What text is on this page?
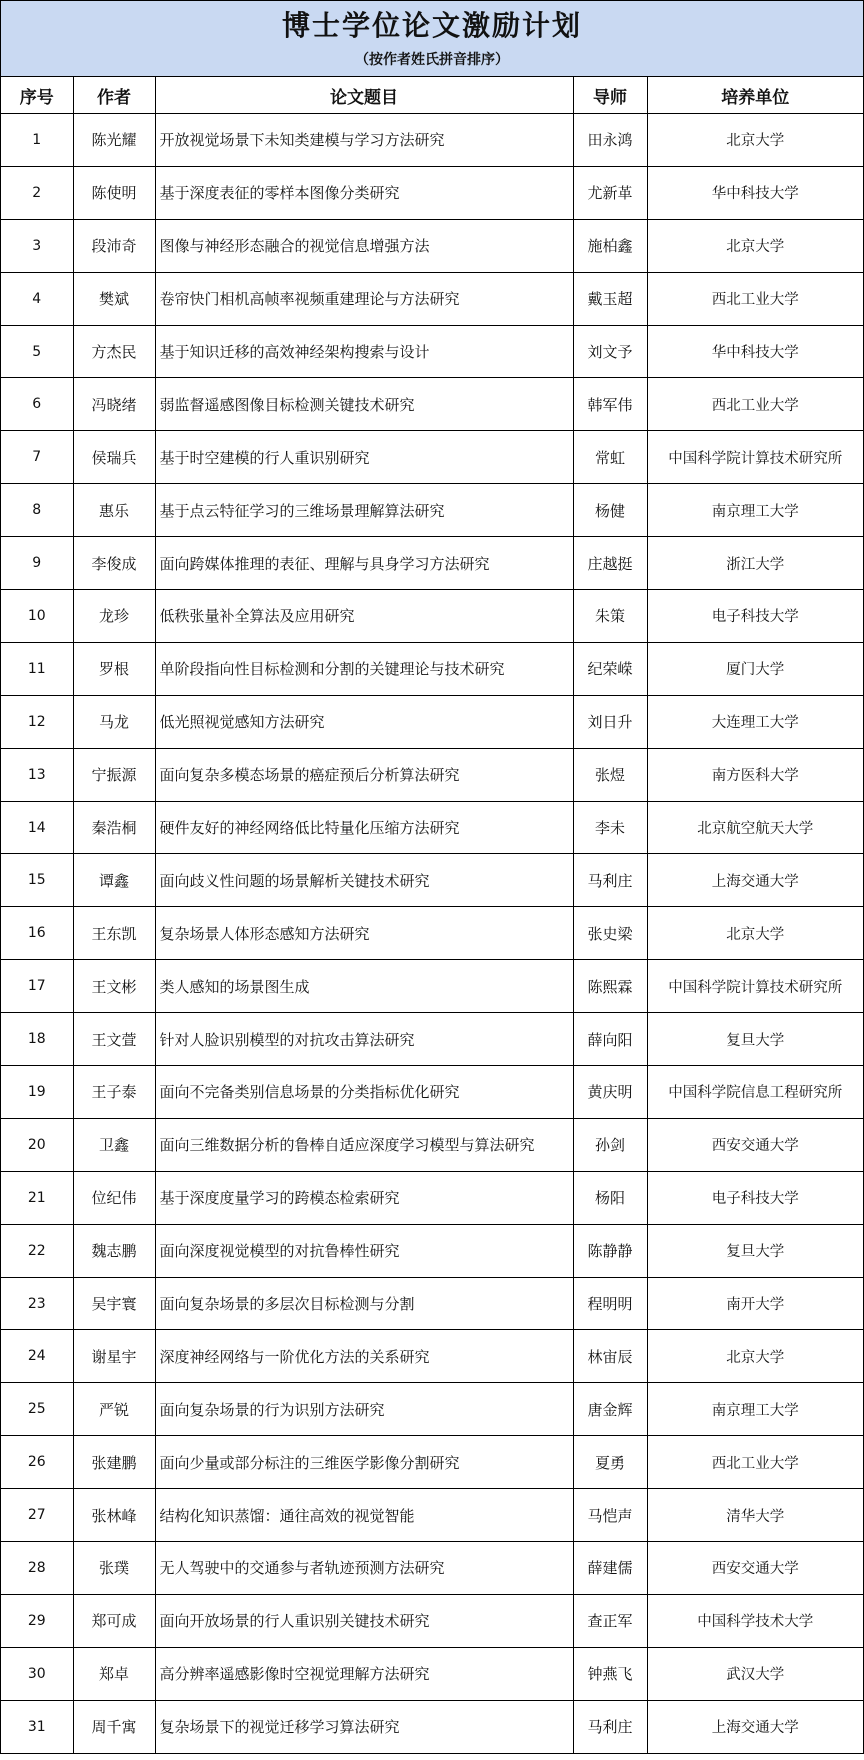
博士学位论文激励计划
（按作者姓氏拼音排序）
序号	作者	论文题目	导师	培养单位
1	陈光耀	开放视觉场景下未知类建模与学习方法研究	田永鸿	北京大学
2	陈使明	基于深度表征的零样本图像分类研究	尤新革	华中科技大学
3	段沛奇	图像与神经形态融合的视觉信息增强方法	施柏鑫	北京大学
4	樊斌	卷帘快门相机高帧率视频重建理论与方法研究	戴玉超	西北工业大学
5	方杰民	基于知识迁移的高效神经架构搜索与设计	刘文予	华中科技大学
6	冯晓绪	弱监督遥感图像目标检测关键技术研究	韩军伟	西北工业大学
7	侯瑞兵	基于时空建模的行人重识别研究	常虹	中国科学院计算技术研究所
8	惠乐	基于点云特征学习的三维场景理解算法研究	杨健	南京理工大学
9	李俊成	面向跨媒体推理的表征、理解与具身学习方法研究	庄越挺	浙江大学
10	龙珍	低秩张量补全算法及应用研究	朱策	电子科技大学
11	罗根	单阶段指向性目标检测和分割的关键理论与技术研究	纪荣嵘	厦门大学
12	马龙	低光照视觉感知方法研究	刘日升	大连理工大学
13	宁振源	面向复杂多模态场景的癌症预后分析算法研究	张煜	南方医科大学
14	秦浩桐	硬件友好的神经网络低比特量化压缩方法研究	李未	北京航空航天大学
15	谭鑫	面向歧义性问题的场景解析关键技术研究	马利庄	上海交通大学
16	王东凯	复杂场景人体形态感知方法研究	张史梁	北京大学
17	王文彬	类人感知的场景图生成	陈熙霖	中国科学院计算技术研究所
18	王文萱	针对人脸识别模型的对抗攻击算法研究	薛向阳	复旦大学
19	王子泰	面向不完备类别信息场景的分类指标优化研究	黄庆明	中国科学院信息工程研究所
20	卫鑫	面向三维数据分析的鲁棒自适应深度学习模型与算法研究	孙剑	西安交通大学
21	位纪伟	基于深度度量学习的跨模态检索研究	杨阳	电子科技大学
22	魏志鹏	面向深度视觉模型的对抗鲁棒性研究	陈静静	复旦大学
23	吴宇寰	面向复杂场景的多层次目标检测与分割	程明明	南开大学
24	谢星宇	深度神经网络与一阶优化方法的关系研究	林宙辰	北京大学
25	严锐	面向复杂场景的行为识别方法研究	唐金辉	南京理工大学
26	张建鹏	面向少量或部分标注的三维医学影像分割研究	夏勇	西北工业大学
27	张林峰	结构化知识蒸馏：通往高效的视觉智能	马恺声	清华大学
28	张璞	无人驾驶中的交通参与者轨迹预测方法研究	薛建儒	西安交通大学
29	郑可成	面向开放场景的行人重识别关键技术研究	查正军	中国科学技术大学
30	郑卓	高分辨率遥感影像时空视觉理解方法研究	钟燕飞	武汉大学
31	周千寓	复杂场景下的视觉迁移学习算法研究	马利庄	上海交通大学
